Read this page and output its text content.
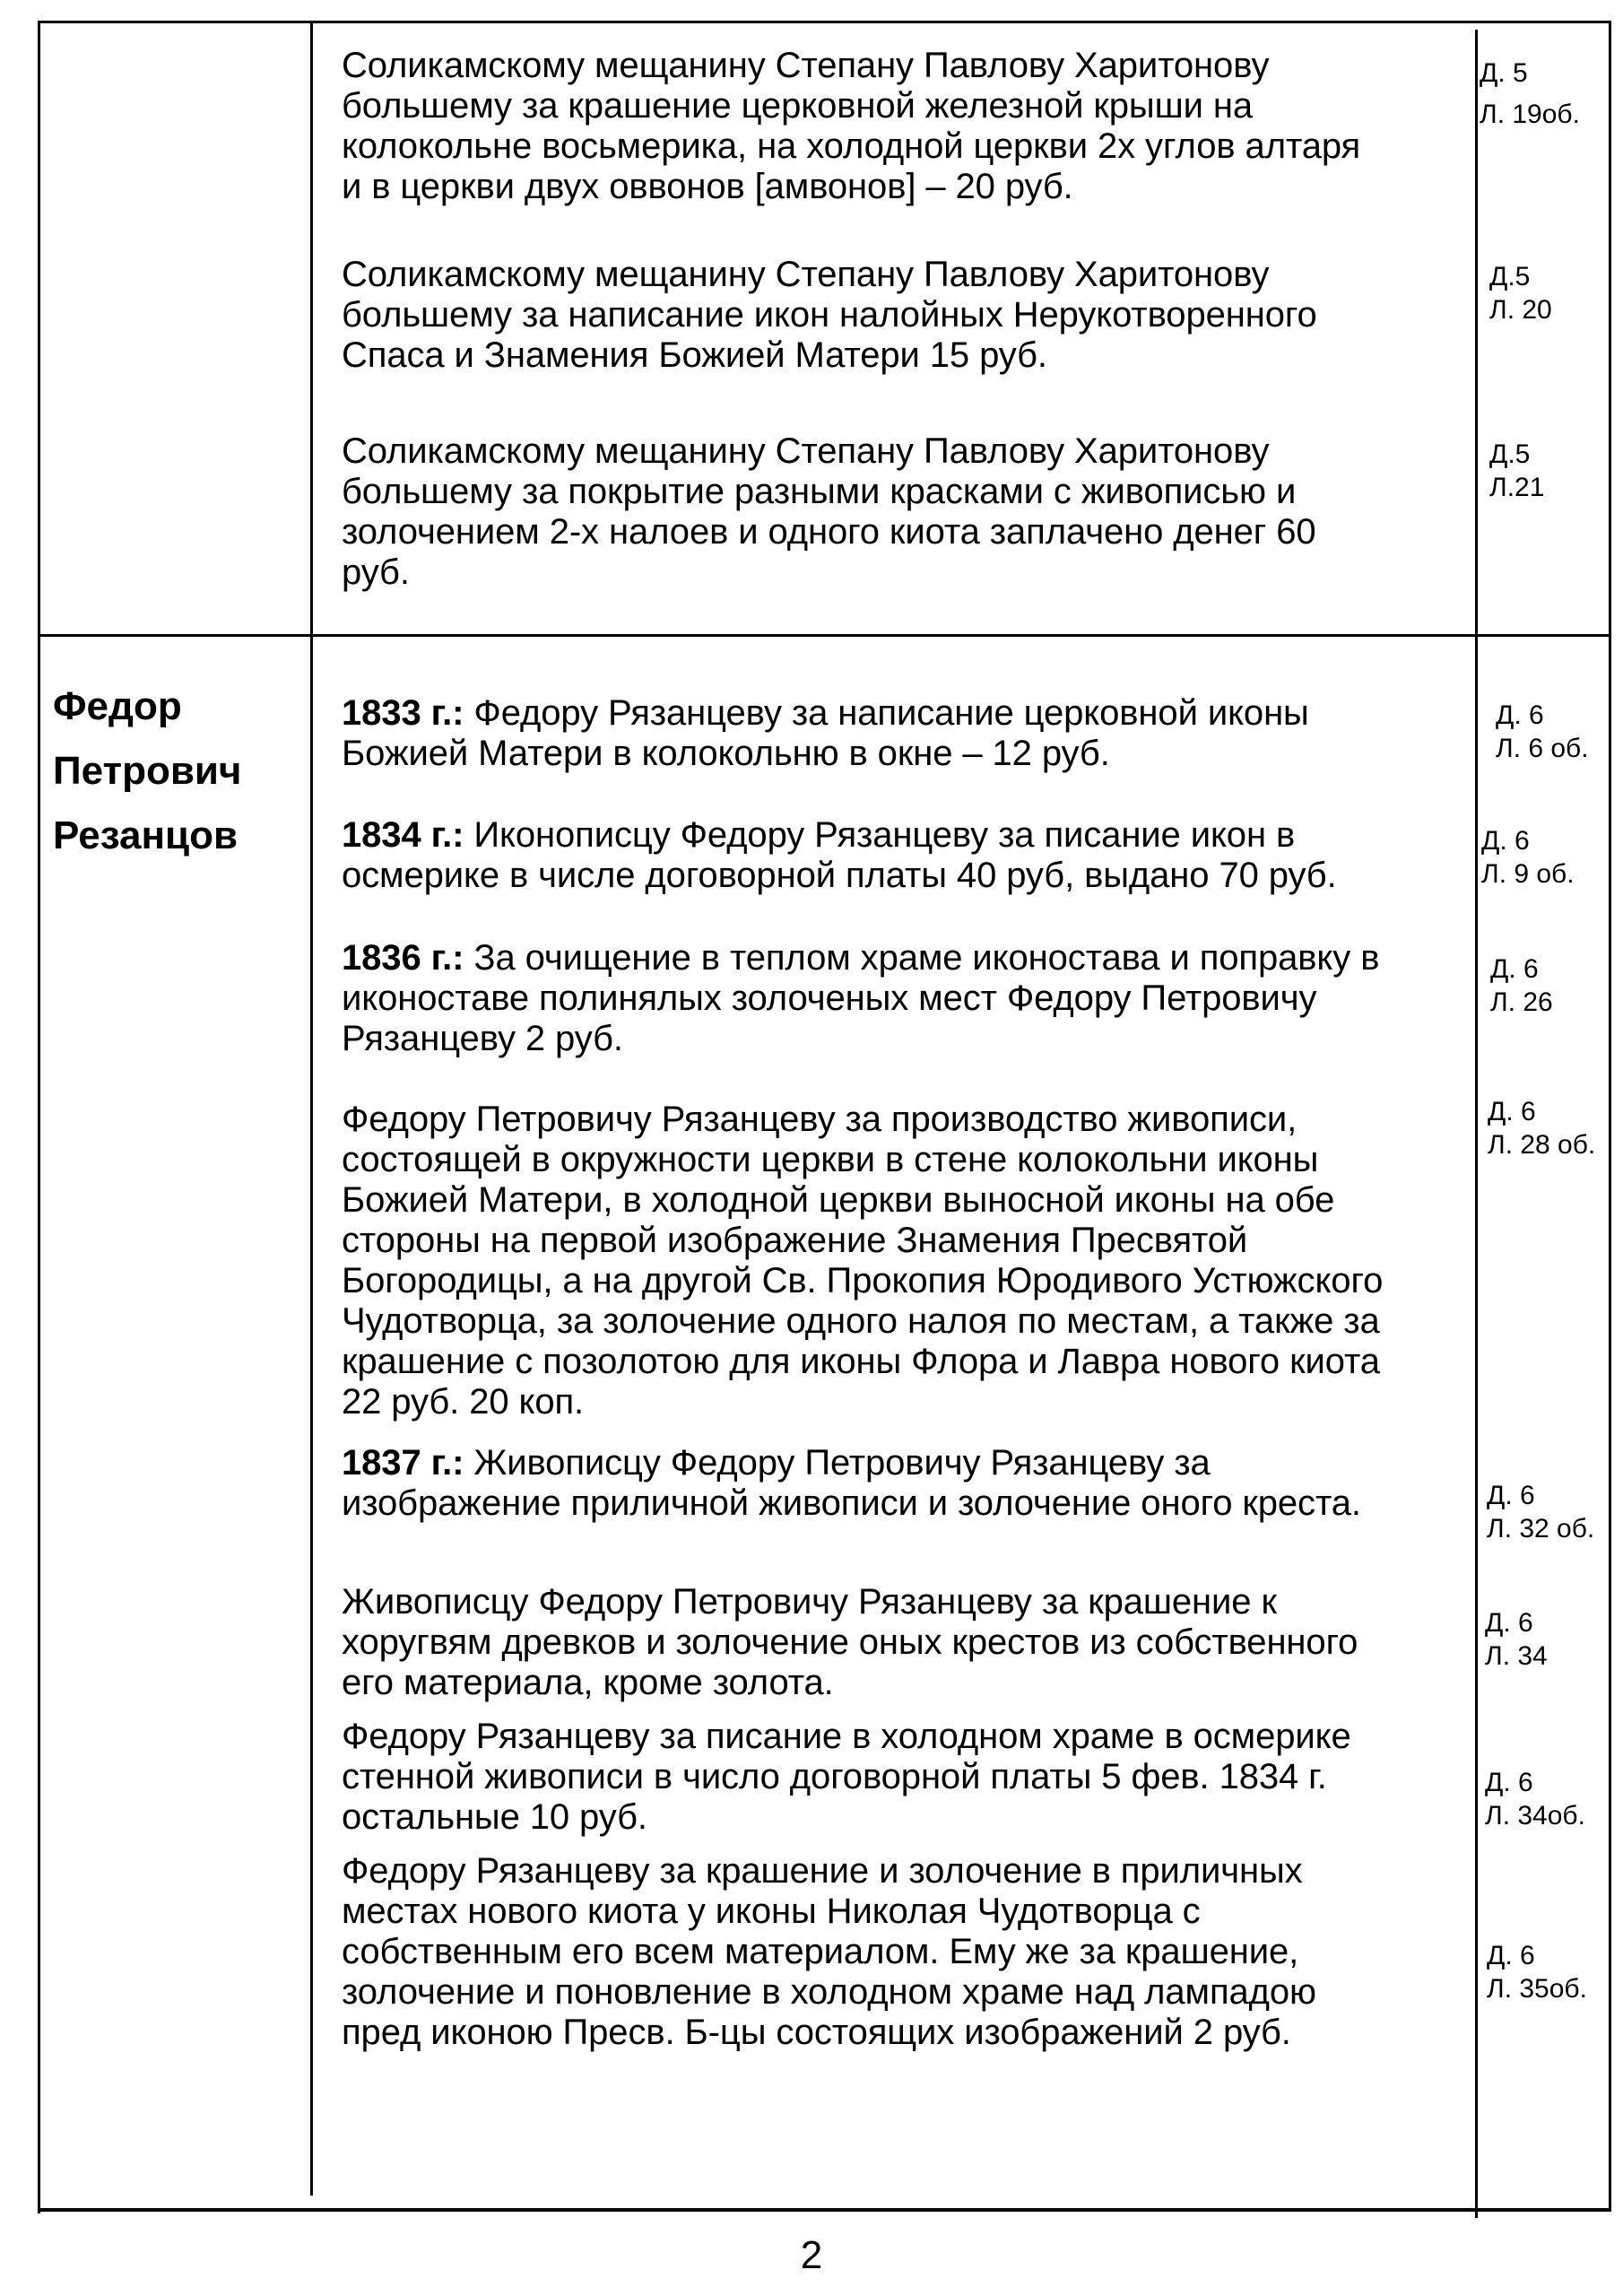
Соликамскому мещанину Степану Павлову Харитонову
большему за крашение церковной железной крыши на
колокольне восьмерика, на холодной церкви 2х углов алтаря
и в церкви двух оввонов [амвонов] – 20 руб.
Д. 5
Л. 19об.
Соликамскому мещанину Степану Павлову Харитонову
большему за написание икон налойных Нерукотворенного
Спаса и Знамения Божией Матери 15 руб.
Д.5
Л. 20
Соликамскому мещанину Степану Павлову Харитонову
большему за покрытие разными красками с живописью и
золочением 2-х налоев и одного киота заплачено денег 60
руб.
Д.5
Л.21
Федор
Петрович
Резанцов
1833 г.: Федору Рязанцеву за написание церковной иконы
Божией Матери в колокольню в окне – 12 руб.
Д. 6
Л. 6 об.
1834 г.: Иконописцу Федору Рязанцеву за писание икон в
осмерике в числе договорной платы 40 руб, выдано 70 руб.
Д. 6
Л. 9 об.
1836 г.: За очищение в теплом храме иконостава и поправку в
иконоставе полинялых золоченых мест Федору Петровичу
Рязанцеву 2 руб.
Д. 6
Л. 26
Федору Петровичу Рязанцеву за производство живописи,
состоящей в окружности церкви в стене колокольни иконы
Божией Матери, в холодной церкви выносной иконы на обе
стороны на первой изображение Знамения Пресвятой
Богородицы, а на другой Св. Прокопия Юродивого Устюжского
Чудотворца, за золочение одного налоя по местам, а также за
крашение с позолотою для иконы Флора и Лавра нового киота
22 руб. 20 коп.
Д. 6
Л. 28 об.
1837 г.: Живописцу Федору Петровичу Рязанцеву за
изображение приличной живописи и золочение оного креста.	Д. 6
Л. 32 об.
Живописцу Федору Петровичу Рязанцеву за крашение к
хоругвям древков и золочение оных крестов из собственного
его материала, кроме золота.
Д. 6
Л. 34
Федору Рязанцеву за писание в холодном храме в осмерике
стенной живописи в число договорной платы 5 фев. 1834 г.
остальные 10 руб.
Д. 6
Л. 34об.
Федору Рязанцеву за крашение и золочение в приличных
местах нового киота у иконы Николая Чудотворца с
собственным его всем материалом. Ему же за крашение,
золочение и поновление в холодном храме над лампадою
пред иконою Пресв. Б-цы состоящих изображений 2 руб.
Д. 6
Л. 35об.
2
